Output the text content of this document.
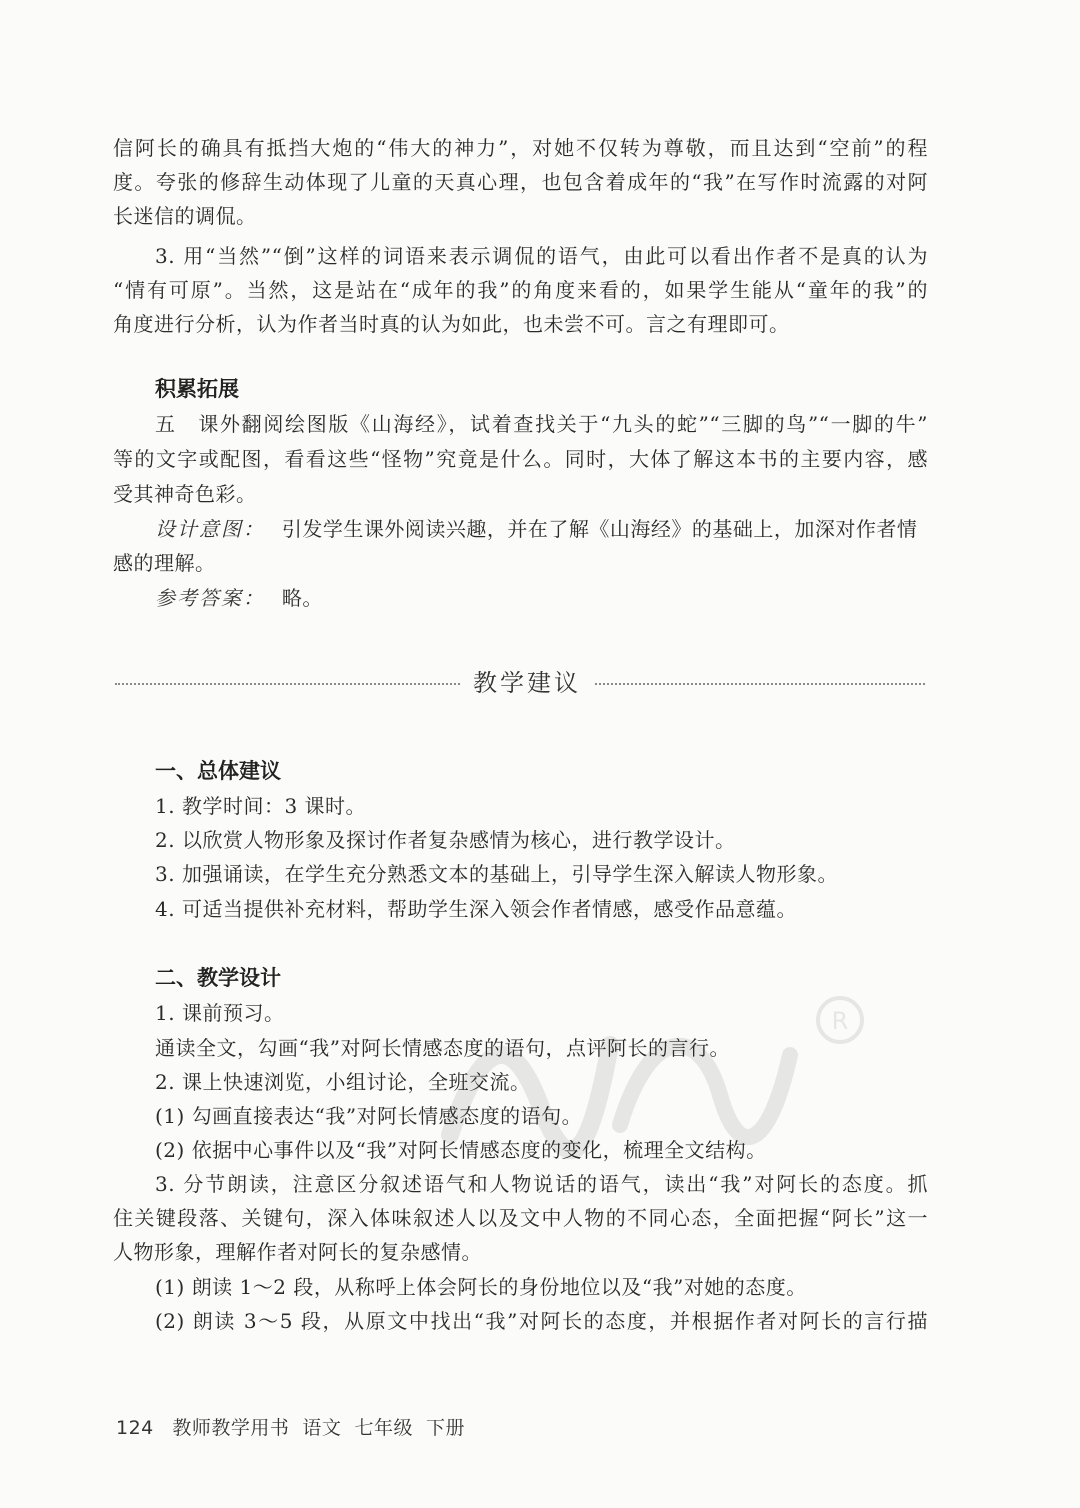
信阿长的确具有抵挡大炮的“伟大的神力”，对她不仅转为尊敬，而且达到“空前”的程
度。夸张的修辞生动体现了儿童的天真心理，也包含着成年的“我”在写作时流露的对阿
长迷信的调侃。
3. 用“当然”“倒”这样的词语来表示调侃的语气，由此可以看出作者不是真的认为
“情有可原”。当然，这是站在“成年的我”的角度来看的，如果学生能从“童年的我”的
角度进行分析，认为作者当时真的认为如此，也未尝不可。言之有理即可。
积累拓展
五　课外翻阅绘图版《山海经》，试着查找关于“九头的蛇”“三脚的鸟”“一脚的牛”
等的文字或配图，看看这些“怪物”究竟是什么。同时，大体了解这本书的主要内容，感
受其神奇色彩。
设计意图： 引发学生课外阅读兴趣，并在了解《山海经》的基础上，加深对作者情
感的理解。
参考答案： 略。
教学建议
一、总体建议
1. 教学时间：3 课时。
2. 以欣赏人物形象及探讨作者复杂感情为核心，进行教学设计。
3. 加强诵读，在学生充分熟悉文本的基础上，引导学生深入解读人物形象。
4. 可适当提供补充材料，帮助学生深入领会作者情感，感受作品意蕴。
R
二、教学设计
1. 课前预习。
通读全文，勾画“我”对阿长情感态度的语句，点评阿长的言行。
2. 课上快速浏览，小组讨论，全班交流。
(1) 勾画直接表达“我”对阿长情感态度的语句。
(2) 依据中心事件以及“我”对阿长情感态度的变化，梳理全文结构。
3. 分节朗读，注意区分叙述语气和人物说话的语气，读出“我”对阿长的态度。抓
住关键段落、关键句，深入体味叙述人以及文中人物的不同心态，全面把握“阿长”这一
人物形象，理解作者对阿长的复杂感情。
(1) 朗读 1～2 段，从称呼上体会阿长的身份地位以及“我”对她的态度。
(2) 朗读 3～5 段，从原文中找出“我”对阿长的态度，并根据作者对阿长的言行描
124 教师教学用书  语文  七年级  下册
